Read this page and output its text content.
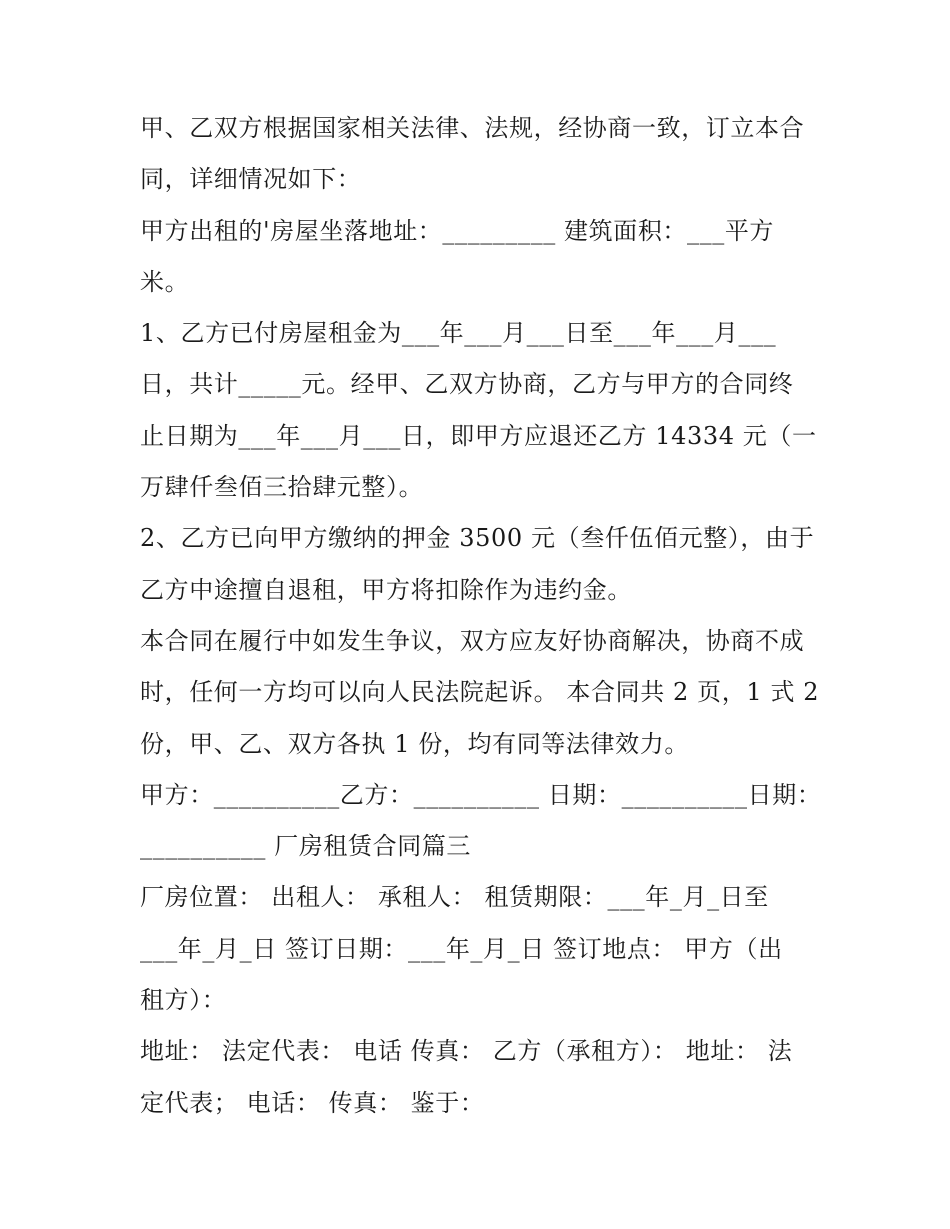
甲、乙双方根据国家相关法律、法规，经协商一致，订立本合
同，详细情况如下：
甲方出租的'房屋坐落地址：_________ 建筑面积：___平方
米。
1、乙方已付房屋租金为___年___月___日至___年___月___
日，共计_____元。经甲、乙双方协商，乙方与甲方的合同终
止日期为___年___月___日，即甲方应退还乙方 14334 元（一
万肆仟叁佰三拾肆元整）。
2、乙方已向甲方缴纳的押金 3500 元（叁仟伍佰元整），由于
乙方中途擅自退租，甲方将扣除作为违约金。
本合同在履行中如发生争议，双方应友好协商解决，协商不成
时，任何一方均可以向人民法院起诉。 本合同共 2 页，1 式 2
份，甲、乙、双方各执 1 份，均有同等法律效力。
甲方：__________乙方：__________ 日期：__________日期：
__________ 厂房租赁合同篇三
厂房位置： 出租人： 承租人： 租赁期限：___年_月_日至
___年_月_日 签订日期：___年_月_日 签订地点： 甲方（出
租方）：
地址： 法定代表： 电话 传真： 乙方（承租方）： 地址： 法
定代表； 电话： 传真： 鉴于：
